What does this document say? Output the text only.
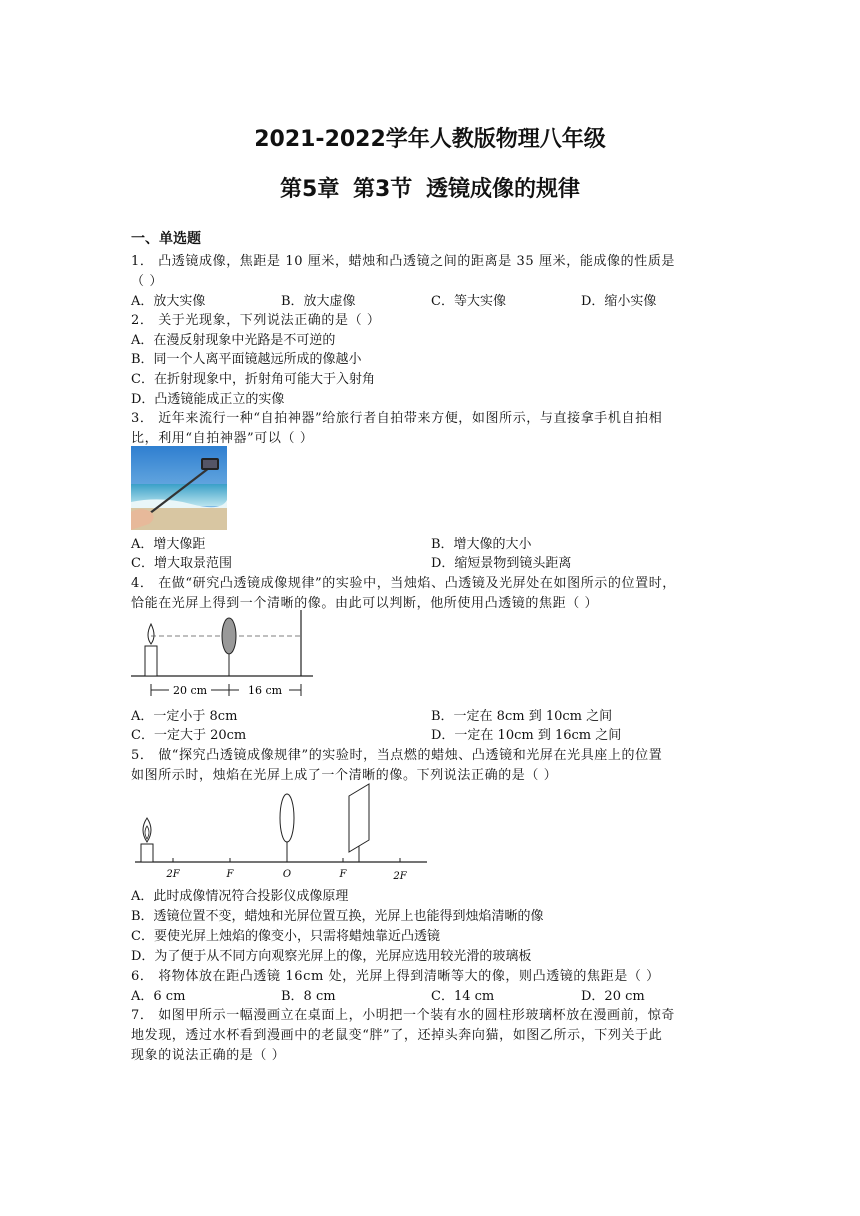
2021-2022学年人教版物理八年级
第5章 第3节 透镜成像的规律
一、单选题
1． 凸透镜成像，焦距是 10 厘米，蜡烛和凸透镜之间的距离是 35 厘米，能成像的性质是
（ ）
A．放大实像	B．放大虚像	C．等大实像	D．缩小实像
2． 关于光现象，下列说法正确的是（ ）
A．在漫反射现象中光路是不可逆的
B．同一个人离平面镜越远所成的像越小
C．在折射现象中，折射角可能大于入射角
D．凸透镜能成正立的实像
3． 近年来流行一种“自拍神器”给旅行者自拍带来方便，如图所示，与直接拿手机自拍相
比，利用“自拍神器”可以（ ）
A．增大像距	B．增大像的大小
C．增大取景范围	D．缩短景物到镜头距离
4． 在做“研究凸透镜成像规律”的实验中，当烛焰、凸透镜及光屏处在如图所示的位置时，
恰能在光屏上得到一个清晰的像。由此可以判断，他所使用凸透镜的焦距（ ）
20 cm	16 cm
A．一定小于 8cm	B．一定在 8cm 到 10cm 之间
C．一定大于 20cm	D．一定在 10cm 到 16cm 之间
5． 做“探究凸透镜成像规律”的实验时，当点燃的蜡烛、凸透镜和光屏在光具座上的位置
如图所示时，烛焰在光屏上成了一个清晰的像。下列说法正确的是（ ）
2F	F	O	F	2F
A．此时成像情况符合投影仪成像原理
B．透镜位置不变，蜡烛和光屏位置互换，光屏上也能得到烛焰清晰的像
C．要使光屏上烛焰的像变小，只需将蜡烛靠近凸透镜
D．为了便于从不同方向观察光屏上的像，光屏应选用较光滑的玻璃板
6． 将物体放在距凸透镜 16cm 处，光屏上得到清晰等大的像，则凸透镜的焦距是（ ）
A．6 cm	B．8 cm	C．14 cm	D．20 cm
7． 如图甲所示一幅漫画立在桌面上，小明把一个装有水的圆柱形玻璃杯放在漫画前，惊奇
地发现，透过水杯看到漫画中的老鼠变“胖”了，还掉头奔向猫，如图乙所示，下列关于此
现象的说法正确的是（ ）
